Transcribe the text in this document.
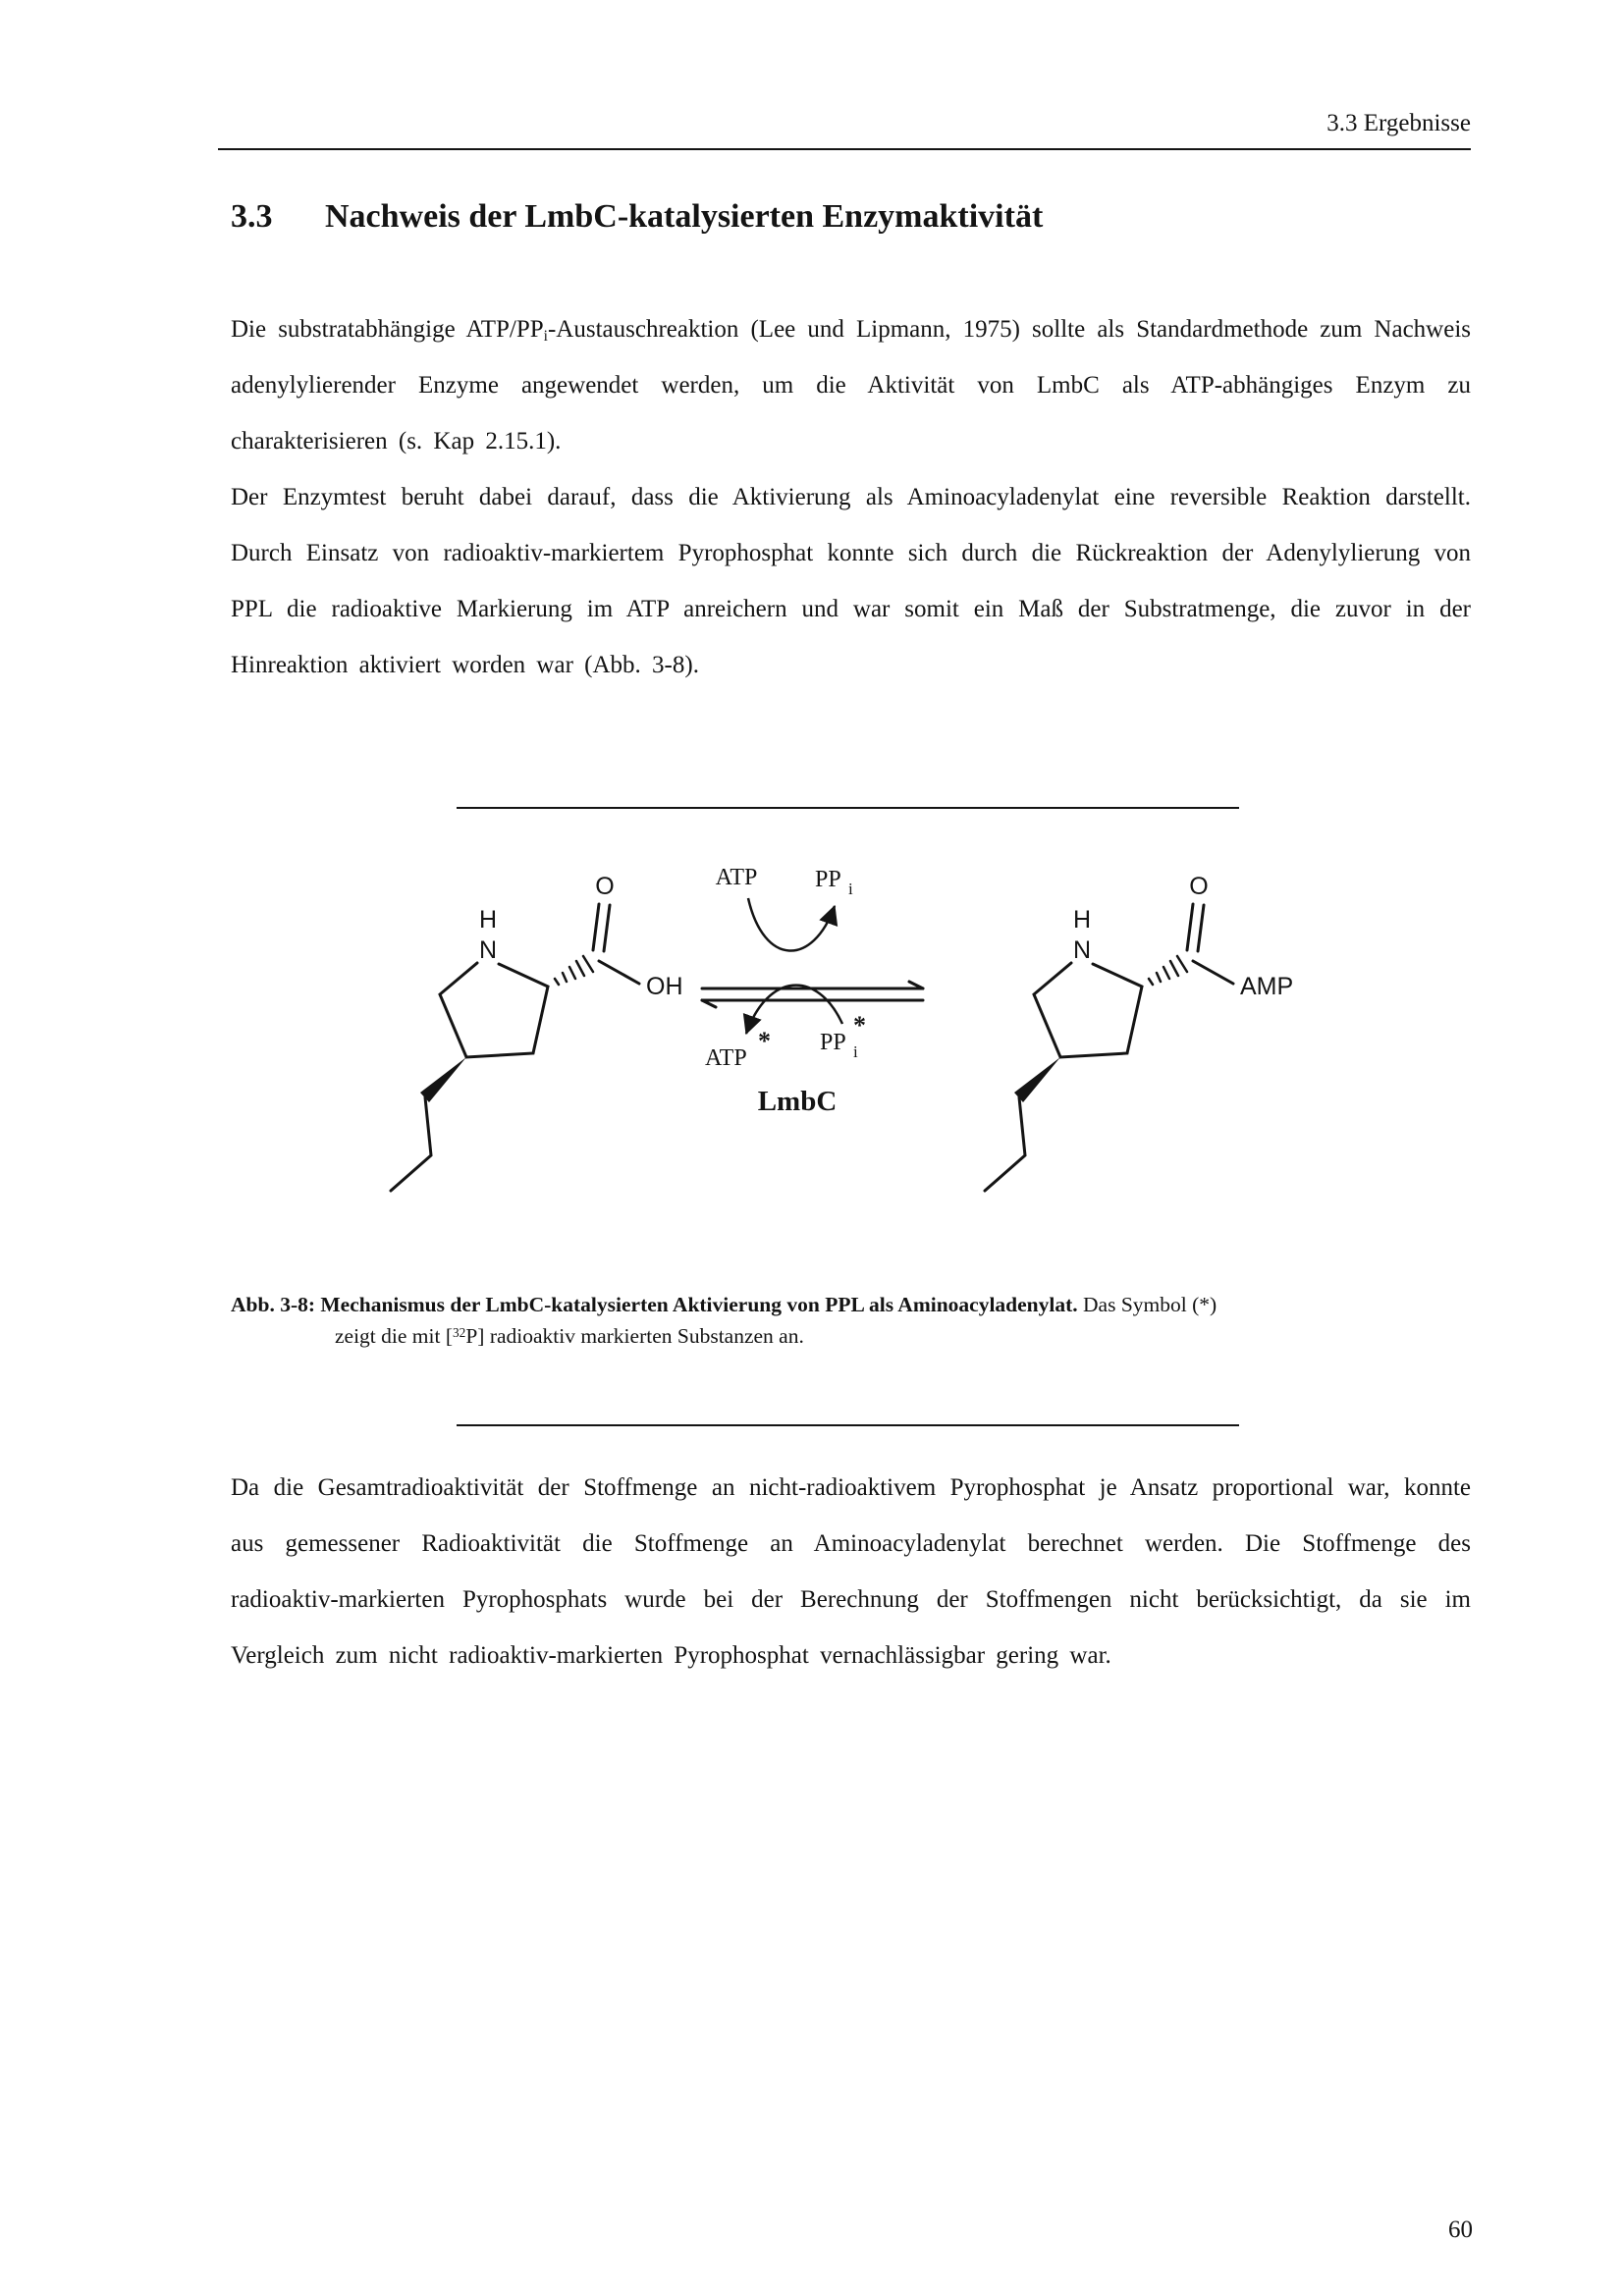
3.3 Ergebnisse
3.3	Nachweis der LmbC-katalysierten Enzymaktivität

Die substratabhängige ATP/$PP_i$-Austauschreaktion (Lee und Lipmann, 1975) sollte als Standardmethode zum Nachweis adenylylierender Enzyme angewendet werden, um die Aktivität von LmbC als ATP-abhängiges Enzym zu charakterisieren (s. Kap 2.15.1).

Der Enzymtest beruht dabei darauf, dass die Aktivierung als Aminoacyladenylat eine reversible Reaktion darstellt. Durch Einsatz von radioaktiv-markiertem Pyrophosphat konnte sich durch die Rückreaktion der Adenylylierung von PPL die radioaktive Markierung im ATP anreichern und war somit ein Maß der Substratmenge, die zuvor in der Hinreaktion aktiviert worden war (Abb. 3-8).

H
N
O
OH
H
N
O
AMP
ATP PP i
ATP
* PP i
*
LmbC
Abb. 3-8: Mechanismus der LmbC-katalysierten Aktivierung von PPL als Aminoacyladenylat. Das Symbol (*) zeigt die mit [$^{32}$P] radioaktiv markierten Substanzen an.

Da die Gesamtradioaktivität der Stoffmenge an nicht-radioaktivem Pyrophosphat je Ansatz proportional war, konnte aus gemessener Radioaktivität die Stoffmenge an Aminoacyladenylat berechnet werden. Die Stoffmenge des radioaktiv-markierten Pyrophosphats wurde bei der Berechnung der Stoffmengen nicht berücksichtigt, da sie im Vergleich zum nicht radioaktiv-markierten Pyrophosphat vernachlässigbar gering war.

60
